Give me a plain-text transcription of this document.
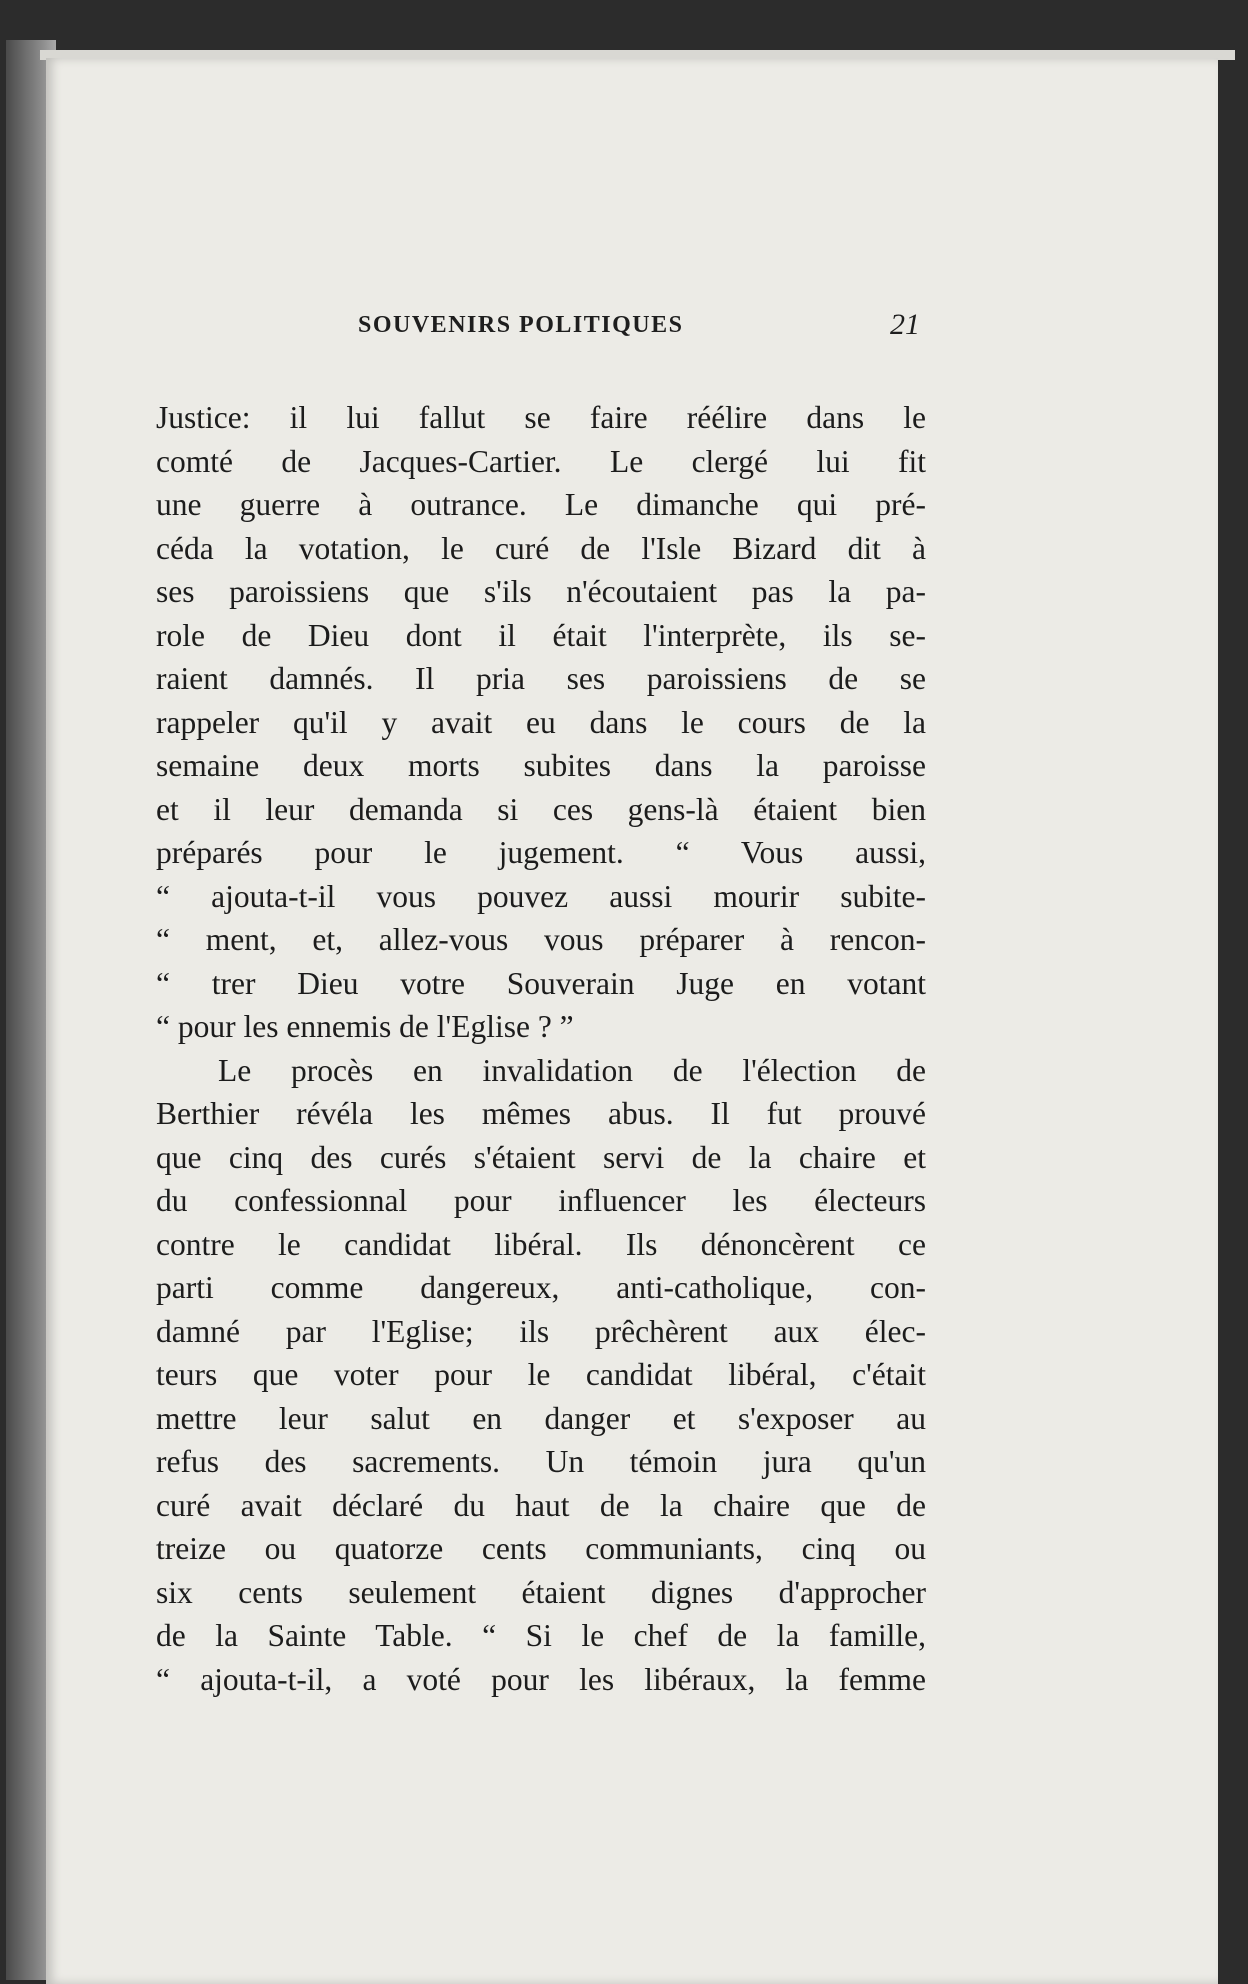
SOUVENIRS POLITIQUES	21
Justice: il lui fallut se faire réélire dans le
comté de Jacques-Cartier. Le clergé lui fit
une guerre à outrance. Le dimanche qui pré-
céda la votation, le curé de l'Isle Bizard dit à
ses paroissiens que s'ils n'écoutaient pas la pa-
role de Dieu dont il était l'interprète, ils se-
raient damnés. Il pria ses paroissiens de se
rappeler qu'il y avait eu dans le cours de la
semaine deux morts subites dans la paroisse
et il leur demanda si ces gens-là étaient bien
préparés pour le jugement. “ Vous aussi,
“ ajouta-t-il vous pouvez aussi mourir subite-
“ ment, et, allez-vous vous préparer à rencon-
“ trer Dieu votre Souverain Juge en votant
“ pour les ennemis de l'Eglise ? ”
Le procès en invalidation de l'élection de
Berthier révéla les mêmes abus. Il fut prouvé
que cinq des curés s'étaient servi de la chaire et
du confessionnal pour influencer les électeurs
contre le candidat libéral. Ils dénoncèrent ce
parti comme dangereux, anti-catholique, con-
damné par l'Eglise; ils prêchèrent aux élec-
teurs que voter pour le candidat libéral, c'était
mettre leur salut en danger et s'exposer au
refus des sacrements. Un témoin jura qu'un
curé avait déclaré du haut de la chaire que de
treize ou quatorze cents communiants, cinq ou
six cents seulement étaient dignes d'approcher
de la Sainte Table. “ Si le chef de la famille,
“ ajouta-t-il, a voté pour les libéraux, la femme
